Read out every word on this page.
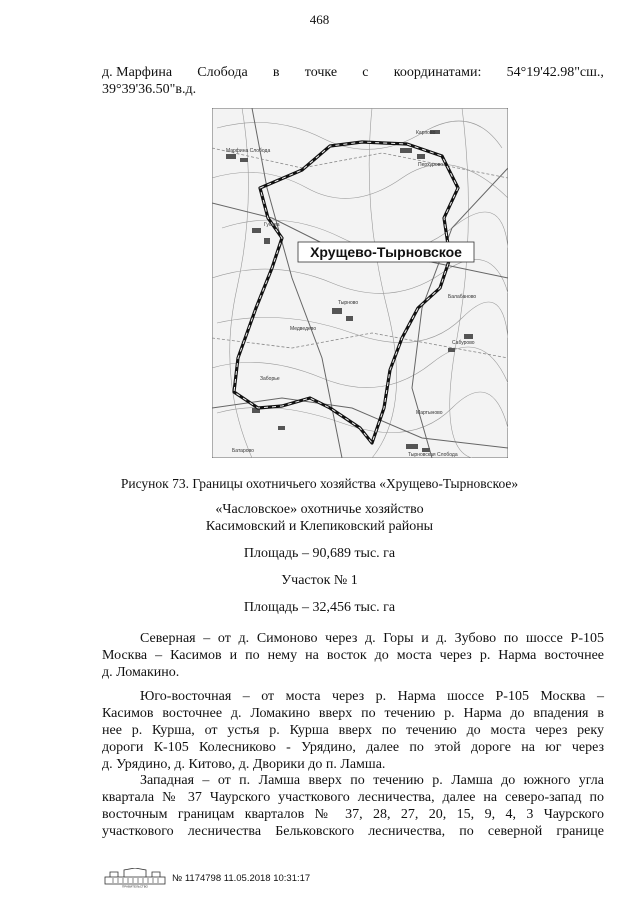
468
д. Марфина Слобода в точке с координатами: 54°19'42.98"сш.,
39°39'36.50"в.д.
Марфина Слобода
Карпово
Гусева
Тырново
Перхурово
Медведево
Сабурово
Балабаново
Мартыново
Батарово
Заборье
Тырновская Слобода
Хрущево-Тырновское
Рисунок 73. Границы охотничьего хозяйства «Хрущево-Тырновское»
«Часловское» охотничье хозяйство
Касимовский и Клепиковский районы
Площадь – 90,689 тыс. га
Участок № 1
Площадь – 32,456 тыс. га
Северная – от д. Симоново через д. Горы и д. Зубово по шоссе Р-105
Москва – Касимов и по нему на восток до моста через р. Нарма восточнее
д. Ломакино.
Юго-восточная – от моста через р. Нарма шоссе Р-105 Москва –
Касимов восточнее д. Ломакино вверх по течению р. Нарма до впадения в
нее р. Курша, от устья р. Курша вверх по течению до моста через реку
дороги К-105 Колесниково - Урядино, далее по этой дороге на юг через
д. Урядино, д. Китово, д. Дворики до п. Ламша.
Западная – от п. Ламша вверх по течению р. Ламша до южного угла
квартала № 37 Чаурского участкового лесничества, далее на северо-запад по
восточным границам кварталов № 37, 28, 27, 20, 15, 9, 4, 3 Чаурского
участкового лесничества Бельковского лесничества, по северной границе
ПРАВИТЕЛЬСТВО
№ 1174798 11.05.2018 10:31:17
